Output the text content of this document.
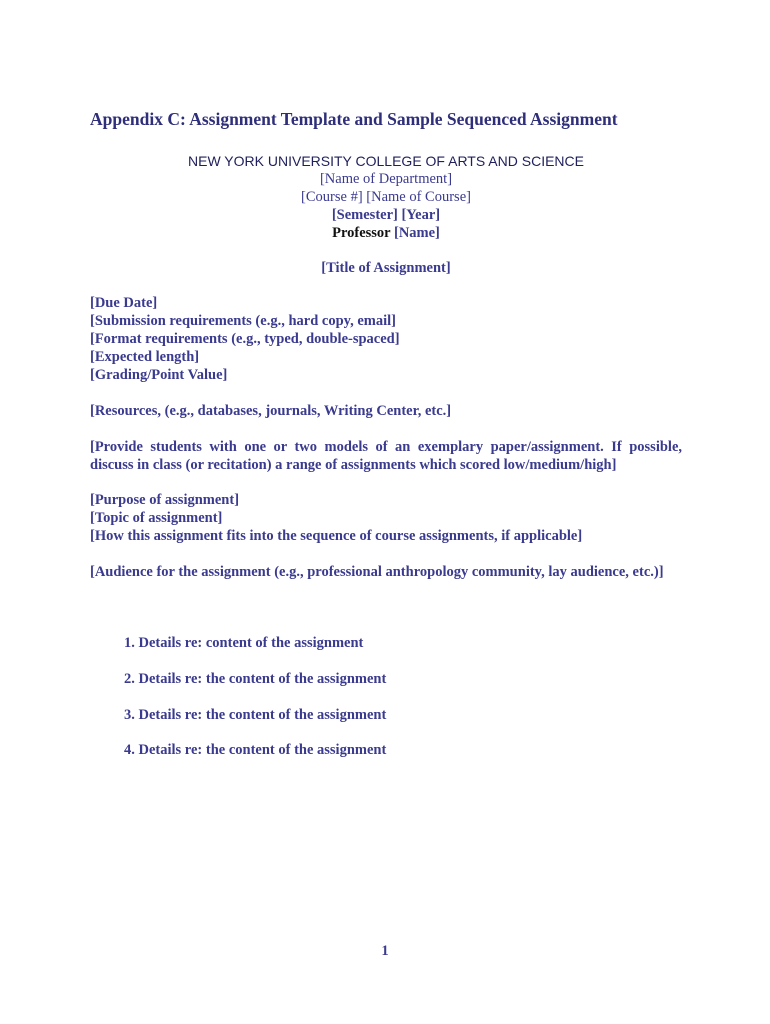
Appendix C: Assignment Template and Sample Sequenced Assignment
NEW YORK UNIVERSITY COLLEGE OF ARTS AND SCIENCE
[Name of Department]
[Course #] [Name of Course]
[Semester] [Year]
Professor [Name]
[Title of Assignment]
[Due Date]
[Submission requirements (e.g., hard copy, email]
[Format requirements (e.g., typed, double-spaced]
[Expected length]
[Grading/Point Value]
[Resources, (e.g., databases, journals, Writing Center, etc.]
[Provide students with one or two models of an exemplary paper/assignment. If possible, discuss in class (or recitation) a range of assignments which scored low/medium/high]
[Purpose of assignment]
[Topic of assignment]
[How this assignment fits into the sequence of course assignments, if applicable]
[Audience for the assignment (e.g., professional anthropology community, lay audience, etc.)]
1. Details re: content of the assignment
2. Details re: the content of the assignment
3. Details re: the content of the assignment
4. Details re: the content of the assignment
1
